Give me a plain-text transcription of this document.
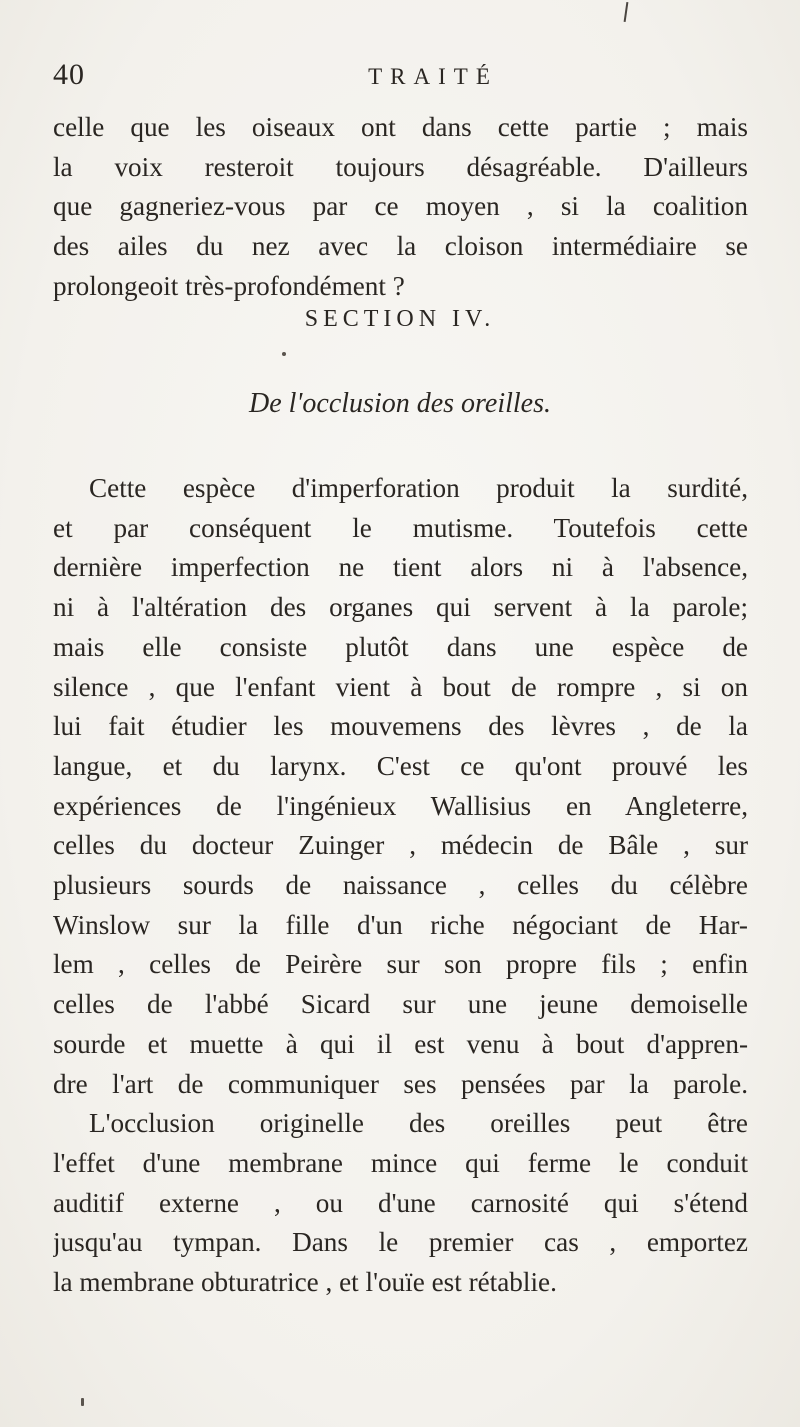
40	TRAITÉ
celle que les oiseaux ont dans cette partie ; mais
la voix resteroit toujours désagréable. D'ailleurs
que gagneriez-vous par ce moyen , si la coalition
des ailes du nez avec la cloison intermédiaire se
prolongeoit très-profondément ?
SECTION IV.
De l'occlusion des oreilles.
Cette espèce d'imperforation produit la surdité,
et par conséquent le mutisme. Toutefois cette
dernière imperfection ne tient alors ni à l'absence,
ni à l'altération des organes qui servent à la parole;
mais elle consiste plutôt dans une espèce de
silence , que l'enfant vient à bout de rompre , si on
lui fait étudier les mouvemens des lèvres , de la
langue, et du larynx. C'est ce qu'ont prouvé les
expériences de l'ingénieux Wallisius en Angleterre,
celles du docteur Zuinger , médecin de Bâle , sur
plusieurs sourds de naissance , celles du célèbre
Winslow sur la fille d'un riche négociant de Har-
lem , celles de Peirère sur son propre fils ; enfin
celles de l'abbé Sicard sur une jeune demoiselle
sourde et muette à qui il est venu à bout d'appren-
dre l'art de communiquer ses pensées par la parole.
L'occlusion originelle des oreilles peut être
l'effet d'une membrane mince qui ferme le conduit
auditif externe , ou d'une carnosité qui s'étend
jusqu'au tympan. Dans le premier cas , emportez
la membrane obturatrice , et l'ouïe est rétablie.
